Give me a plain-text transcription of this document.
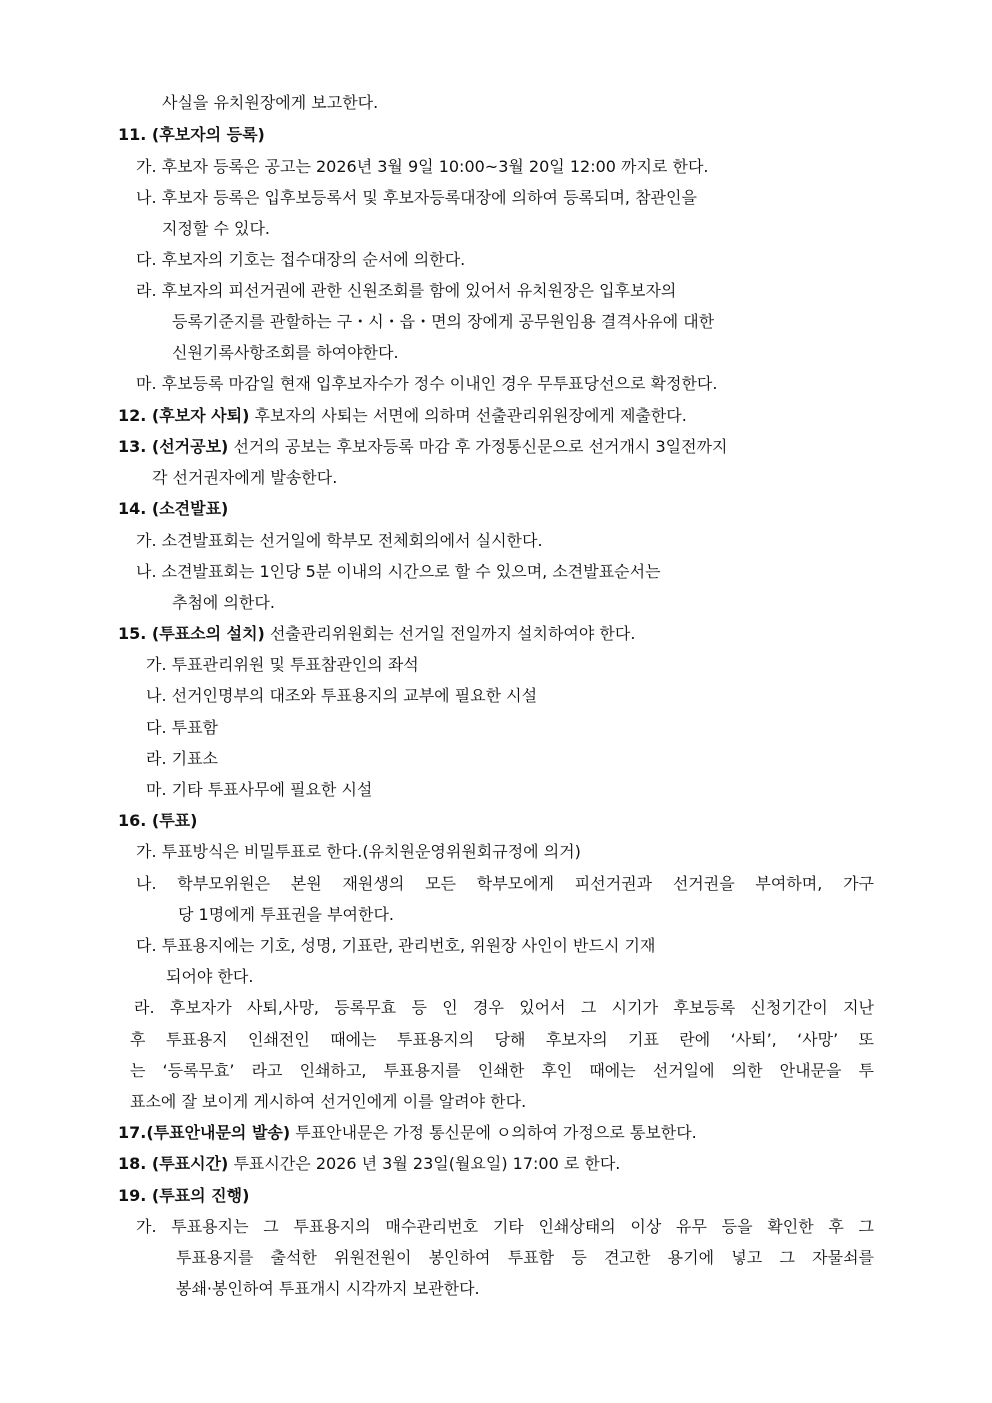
사실을 유치원장에게 보고한다.

11. (후보자의 등록)

가. 후보자 등록은 공고는 2026년 3월 9일 10:00~3월 20일 12:00 까지로 한다.

나. 후보자 등록은 입후보등록서 및 후보자등록대장에 의하여 등록되며, 참관인을

지정할 수 있다.

다. 후보자의 기호는 접수대장의 순서에 의한다.

라. 후보자의 피선거권에 관한 신원조회를 함에 있어서 유치원장은 입후보자의

등록기준지를 관할하는 구・시・읍・면의 장에게 공무원임용 결격사유에 대한

신원기록사항조회를 하여야한다.

마. 후보등록 마감일 현재 입후보자수가 정수 이내인 경우 무투표당선으로 확정한다.

12. (후보자 사퇴) 후보자의 사퇴는 서면에 의하며 선출관리위원장에게 제출한다.

13. (선거공보) 선거의 공보는 후보자등록 마감 후 가정통신문으로 선거개시 3일전까지

각 선거권자에게 발송한다.

14. (소견발표)

가. 소견발표회는 선거일에 학부모 전체회의에서 실시한다.

나. 소견발표회는 1인당 5분 이내의 시간으로 할 수 있으며, 소견발표순서는

추첨에 의한다.

15. (투표소의 설치) 선출관리위원회는 선거일 전일까지 설치하여야 한다.

가. 투표관리위원 및 투표참관인의 좌석

나. 선거인명부의 대조와 투표용지의 교부에 필요한 시설

다. 투표함

라. 기표소

마. 기타 투표사무에 필요한 시설

16. (투표)

가. 투표방식은 비밀투표로 한다.(유치원운영위원회규정에 의거)

나. 학부모위원은 본원 재원생의 모든 학부모에게 피선거권과 선거권을 부여하며, 가구

당 1명에게 투표권을 부여한다.

다. 투표용지에는 기호, 성명, 기표란, 관리번호, 위원장 사인이 반드시 기재

되어야 한다.

라. 후보자가 사퇴,사망, 등록무효 등 인 경우 있어서 그 시기가 후보등록 신청기간이 지난

후 투표용지 인쇄전인 때에는 투표용지의 당해 후보자의 기표 란에 ‘사퇴’, ‘사망’ 또

는 ‘등록무효’ 라고 인쇄하고, 투표용지를 인쇄한 후인 때에는 선거일에 의한 안내문을 투

표소에 잘 보이게 게시하여 선거인에게 이를 알려야 한다.

17.(투표안내문의 발송) 투표안내문은 가정 통신문에 ㅇ의하여 가정으로 통보한다.

18. (투표시간) 투표시간은 2026 년 3월 23일(월요일) 17:00 로 한다.

19. (투표의 진행)

가. 투표용지는 그 투표용지의 매수관리번호 기타 인쇄상태의 이상 유무 등을 확인한 후 그

투표용지를 출석한 위원전원이 봉인하여 투표함 등 견고한 용기에 넣고 그 자물쇠를

봉쇄·봉인하여 투표개시 시각까지 보관한다.
